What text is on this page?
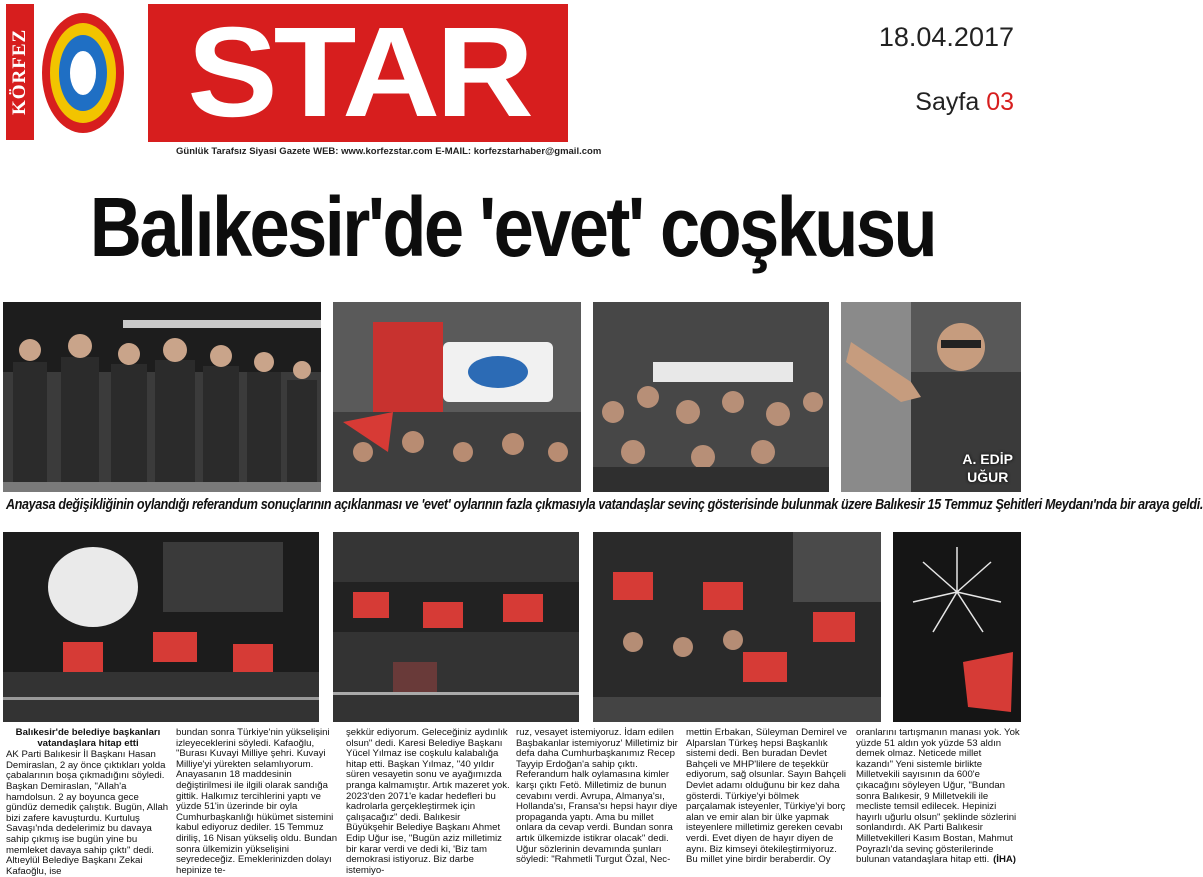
KÖRFEZ STAR
Günlük Tarafsız Siyasi Gazete WEB: www.korfezstar.com E-MAIL: korfezstarhaber@gmail.com
18.04.2017
Sayfa 03
Balıkesir'de 'evet' coşkusu
A. EDİP
UĞUR
Anayasa değişikliğinin oylandığı referandum sonuçlarının açıklanması ve 'evet' oylarının fazla çıkmasıyla vatandaşlar sevinç gösterisinde bulunmak üzere Balıkesir 15 Temmuz Şehitleri Meydanı'nda bir araya geldi.
Balıkesir'de belediye başkanları vatandaşlara hitap etti

AK Parti Balıkesir İl Başkanı Hasan Demiraslan, 2 ay önce çıktıkları yolda çabalarının boşa çıkmadığını söyledi. Başkan Demiraslan, "Allah'a hamdolsun. 2 ay boyunca gece gündüz demedik çalıştık. Bugün, Allah bizi zafere kavuşturdu. Kurtuluş Savaşı'nda dedelerimiz bu davaya sahip çıkmış ise bugün yine bu memleket davaya sahip çıktı" dedi. Altıeylül Belediye Başkanı Zekai Kafaoğlu, ise

bundan sonra Türkiye'nin yükselişini izleyeceklerini söyledi. Kafaoğlu, "Burası Kuvayi Milliye şehri. Kuvayi Milliye'yi yürekten selamlıyorum. Anayasanın 18 maddesinin değiştirilmesi ile ilgili olarak sandığa gittik. Halkımız tercihlerini yaptı ve yüzde 51'in üzerinde bir oyla Cumhurbaşkanlığı hükümet sistemini kabul ediyoruz dediler. 15 Temmuz diriliş, 16 Nisan yükseliş oldu. Bundan sonra ülkemizin yükselişini seyredeceğiz. Emeklerinizden dolayı hepinize te-

şekkür ediyorum. Geleceğiniz aydınlık olsun" dedi. Karesi Belediye Başkanı Yücel Yılmaz ise coşkulu kalabalığa hitap etti. Başkan Yılmaz, "40 yıldır süren vesayetin sonu ve ayağımızda pranga kalmamıştır. Artık mazeret yok. 2023'den 2071'e kadar hedefleri bu kadrolarla gerçekleştirmek için çalışacağız" dedi. Balıkesir Büyükşehir Belediye Başkanı Ahmet Edip Uğur ise, "Bugün aziz milletimiz bir karar verdi ve dedi ki, 'Biz tam demokrasi istiyoruz. Biz darbe istemiyo-

ruz, vesayet istemiyoruz. İdam edilen Başbakanlar istemiyoruz' Milletimiz bir defa daha Cumhurbaşkanımız Recep Tayyip Erdoğan'a sahip çıktı. Referandum halk oylamasına kimler karşı çıktı Fetö. Milletimiz de bunun cevabını verdi. Avrupa, Almanya'sı, Hollanda'sı, Fransa'sı hepsi hayır diye propaganda yaptı. Ama bu millet onlara da cevap verdi. Bundan sonra artık ülkemizde istikrar olacak" dedi. Uğur sözlerinin devamında şunları söyledi: "Rahmetli Turgut Özal, Nec-

mettin Erbakan, Süleyman Demirel ve Alparslan Türkeş hepsi Başkanlık sistemi dedi. Ben buradan Devlet Bahçeli ve MHP'lilere de teşekkür ediyorum, sağ olsunlar. Sayın Bahçeli Devlet adamı olduğunu bir kez daha gösterdi. Türkiye'yi bölmek parçalamak isteyenler, Türkiye'yi borç alan ve emir alan bir ülke yapmak isteyenlere milletimiz gereken cevabı verdi. Evet diyen de hayır diyen de aynı. Biz kimseyi ötekileştirmiyoruz. Bu millet yine birdir beraberdir. Oy

oranlarını tartışmanın manası yok. Yok yüzde 51 aldın yok yüzde 53 aldın demek olmaz. Neticede millet kazandı" Yeni sistemle birlikte Milletvekili sayısının da 600'e çıkacağını söyleyen Uğur, "Bundan sonra Balıkesir, 9 Milletvekili ile mecliste temsil edilecek. Hepinizi hayırlı uğurlu olsun" şeklinde sözlerini sonlandırdı. AK Parti Balıkesir Milletvekilleri Kasım Bostan, Mahmut Poyrazlı'da sevinç gösterilerinde bulunan vatandaşlara hitap etti. (İHA)
